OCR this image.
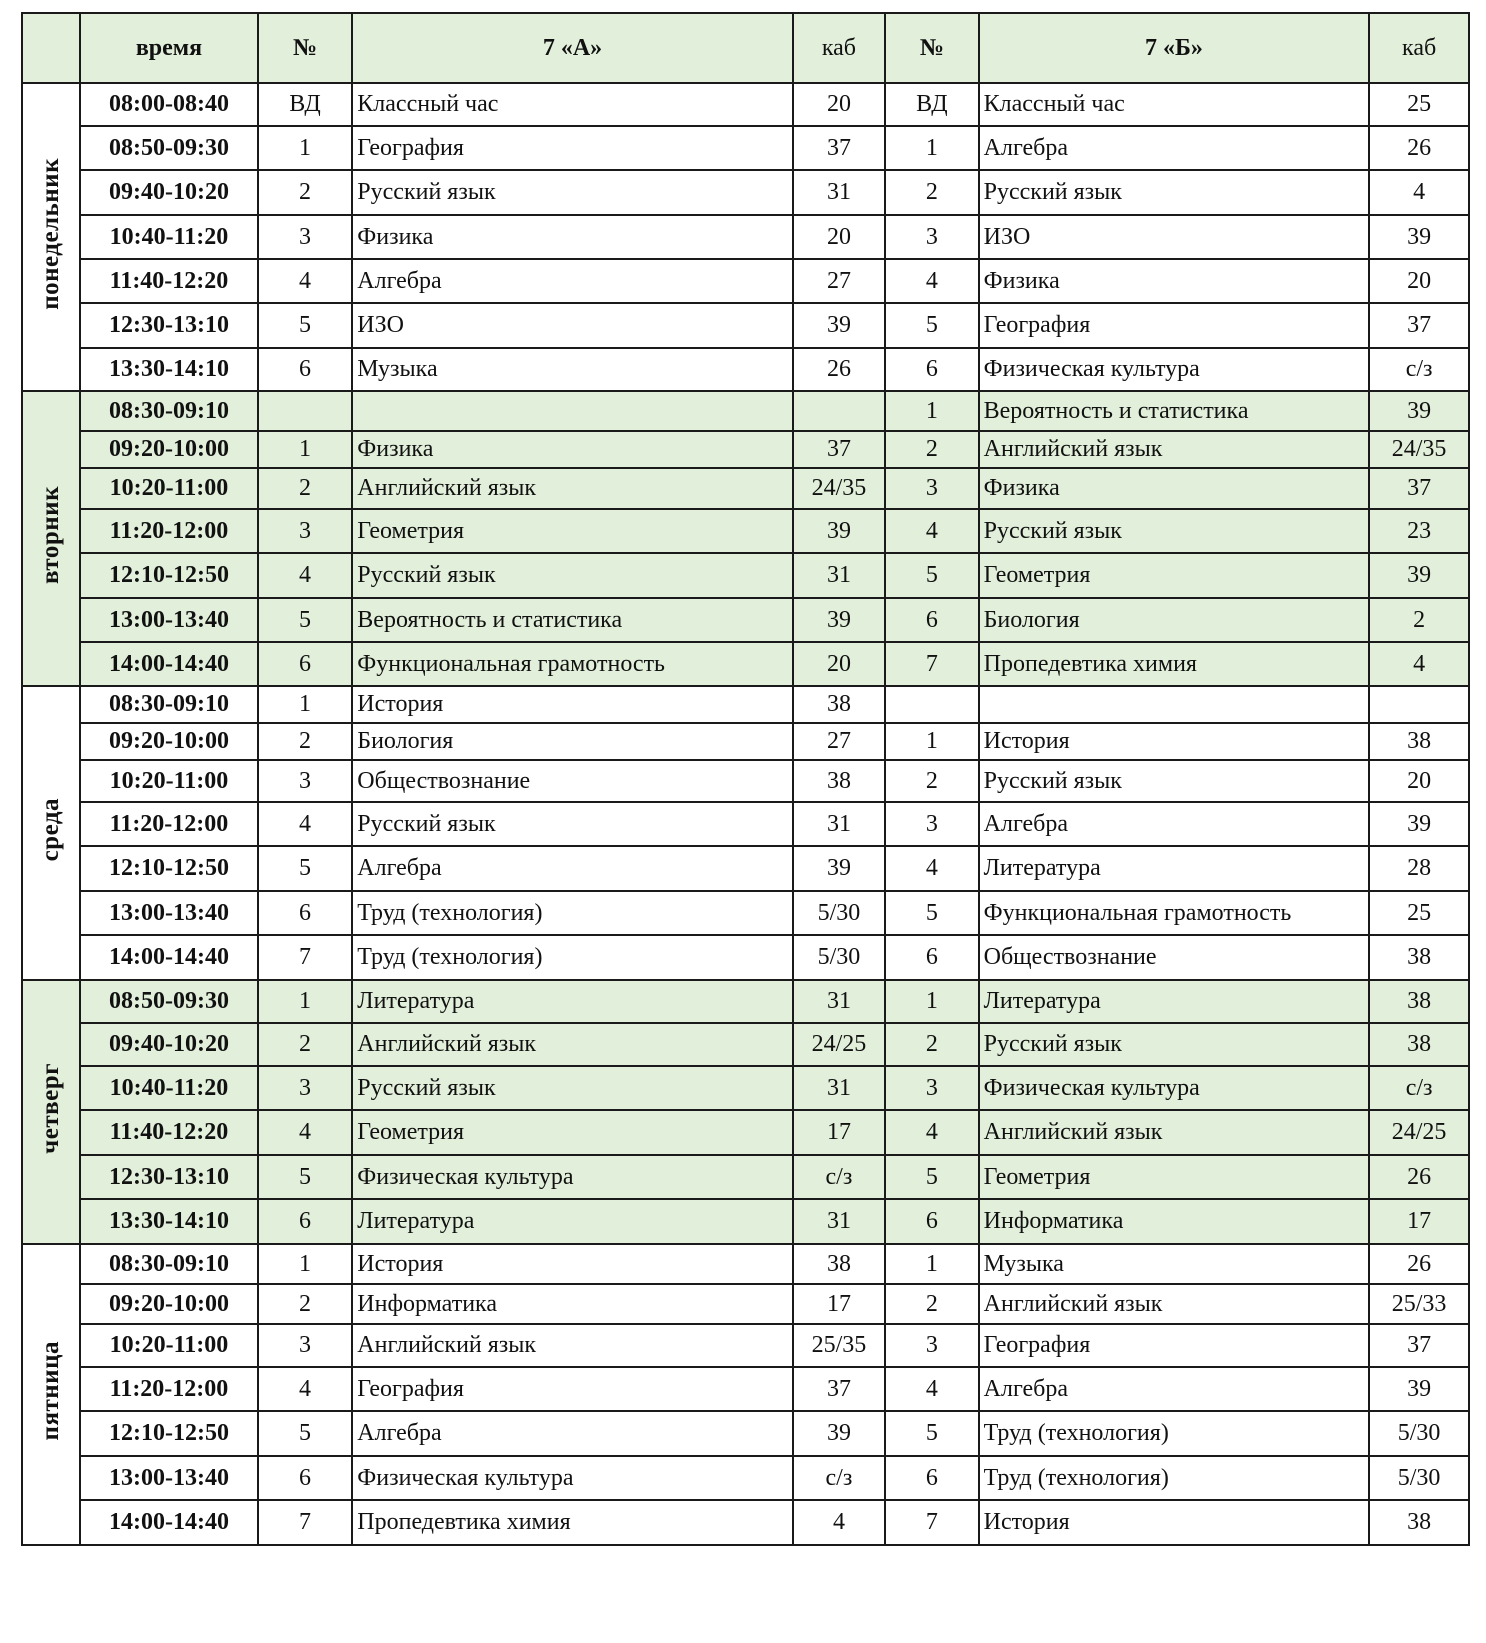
	время	№	7 «А»	каб	№	7 «Б»	каб
понедельник	08:00-08:40	ВД	Классный час	20	ВД	Классный час	25
	08:50-09:30	1	География	37	1	Алгебра	26
	09:40-10:20	2	Русский язык	31	2	Русский язык	4
	10:40-11:20	3	Физика	20	3	ИЗО	39
	11:40-12:20	4	Алгебра	27	4	Физика	20
	12:30-13:10	5	ИЗО	39	5	География	37
	13:30-14:10	6	Музыка	26	6	Физическая культура	с/з
вторник	08:30-09:10				1	Вероятность и статистика	39
	09:20-10:00	1	Физика	37	2	Английский язык	24/35
	10:20-11:00	2	Английский язык	24/35	3	Физика	37
	11:20-12:00	3	Геометрия	39	4	Русский язык	23
	12:10-12:50	4	Русский язык	31	5	Геометрия	39
	13:00-13:40	5	Вероятность и статистика	39	6	Биология	2
	14:00-14:40	6	Функциональная грамотность	20	7	Пропедевтика химия	4
среда	08:30-09:10	1	История	38			
	09:20-10:00	2	Биология	27	1	История	38
	10:20-11:00	3	Обществознание	38	2	Русский язык	20
	11:20-12:00	4	Русский язык	31	3	Алгебра	39
	12:10-12:50	5	Алгебра	39	4	Литература	28
	13:00-13:40	6	Труд (технология)	5/30	5	Функциональная грамотность	25
	14:00-14:40	7	Труд (технология)	5/30	6	Обществознание	38
четверг	08:50-09:30	1	Литература	31	1	Литература	38
	09:40-10:20	2	Английский язык	24/25	2	Русский язык	38
	10:40-11:20	3	Русский язык	31	3	Физическая культура	с/з
	11:40-12:20	4	Геометрия	17	4	Английский язык	24/25
	12:30-13:10	5	Физическая культура	с/з	5	Геометрия	26
	13:30-14:10	6	Литература	31	6	Информатика	17
пятница	08:30-09:10	1	История	38	1	Музыка	26
	09:20-10:00	2	Информатика	17	2	Английский язык	25/33
	10:20-11:00	3	Английский язык	25/35	3	География	37
	11:20-12:00	4	География	37	4	Алгебра	39
	12:10-12:50	5	Алгебра	39	5	Труд (технология)	5/30
	13:00-13:40	6	Физическая культура	с/з	6	Труд (технология)	5/30
	14:00-14:40	7	Пропедевтика химия	4	7	История	38
